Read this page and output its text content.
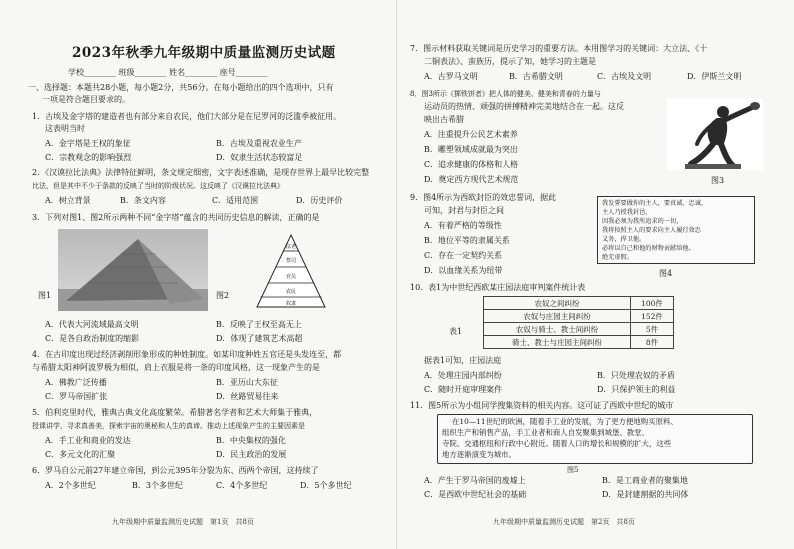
2023年秋季九年级期中质量监测历史试题
学校________ 班级________ 姓名________ 座号________
一、选择题：本题共28小题，每小题2分，共56分。在每小题给出的四个选项中，只有
一项是符合题目要求的。
1．古埃及金字塔的建造者也有部分来自农民，他们大部分是在尼罗河的泛滥季被征用。
这表明当时
A．金字塔是王权的象征	B．古埃及重视农业生产
C．宗教观念的影响强烈	D．奴隶生活状态较富足
2．《汉谟拉比法典》法律特征鲜明，条文规定细密，文字表述准确，是现存世界上最早比较完整
比法，但是其中不少于条款的反映了当时的阶级状况。这反映了《汉谟拉比法典》
A．树立背景	B．条文内容	C．适用范围	D．历史评价
3．下列对图1、图2所示两种不同“金字塔”蕴含的共同历史信息的解读，正确的是
图1
法老
祭司
官员
农民
奴隶
图2
A．代表大河流域最高文明	B．反映了王权至高无上
C．是各自政治制度的缩影	D．体现了建筑艺术高超
4．在古印度出现过经济剥削形象形成的种姓制度。如某印度种姓五官还是头发连至，都
与希腊太阳神阿波罗极为相似，肩上衣服是将一条的印度风格，这一现象产生的是
A．佛教广泛传播	B．亚历山大东征
C．罗马帝国扩张	D．丝路贸易往来
5．伯利克里时代，雅典古典文化高度繁荣。希腊著名学者和艺术大师集于雅典，
授课讲学，寻求真善美，探索宇宙的奥秘和人生的真谛。推动上述现象产生的主要因素是
A．手工业和商业的发达	B．中央集权的强化
C．多元文化的汇聚	D．民主政治的发展
6．罗马自公元前27年建立帝国，到公元395年分裂为东、西两个帝国，这持续了
A．2个多世纪	B．3个多世纪	C．4个多世纪	D．5个多世纪
九年级期中质量监测历史试题　第1页　共8页
7．图示材料获取关键词是历史学习的重要方法。本用图学习的关键词：大立法、《十
二铜表法》、蛮族历，提示了知，她学习的主题是
A．古罗马文明	B．古希腊文明	C．古埃及文明	D．伊斯兰文明
8．图3所示《掷铁饼者》把人体的健美、健美和青春的力量与
运动员的热情、顽强的拼搏精神完美地结合在一起。这反
映出古希腊
A．注重提升公民艺术素养
B．雕塑领域成就最为突出
C．追求健康的体格和人格
D．奠定西方现代艺术规范	图3
9．图4所示为西欧封臣的效忠誓词，据此
可知，封君与封臣之间
A．有着严格的等级性
B．地位平等的隶属关系
C．存在一定契约关系
D．以血缘关系为纽带
我发誓要做你的主人，要真诚、忠诚，
主人乃授我封邑，
因我必须为我所追求的一切，
我将按照主人的要求向主人履行效忠
义务，捍卫他。
必将以自己和他的财物贡献给他。
绝无虚假。
图4
10．表1为中世纪西欧某庄园法庭审判案件统计表
表1
农奴之间纠纷	100件
农奴与庄园主间纠纷	152件
农奴与骑士、教士间纠纷	5件
骑士、教士与庄园主间纠纷	8件
据表1可知，庄园法庭
A．处理庄园内部纠纷	B．只处理农奴的矛盾
C．随时开庭审理案件	D．只保护领主的利益
11．图5所示为小组同学搜集资料的相关内容。这可证了西欧中世纪的城市
在10—11世纪的欧洲，随着手工业的发展，为了更方便地购买原料、
组织生产和销售产品，手工业者和商人自发聚集到城堡、教堂、
寺院、交通枢纽和行政中心附近。随着人口的增长和规模的扩大，这些
地方逐渐演变为城市。
图5
A．产生于罗马帝国的废墟上	B．是工商业者的聚集地
C．是西欧中世纪社会的基础	D．是封建割据的共同体
九年级期中质量监测历史试题　第2页　共8页
